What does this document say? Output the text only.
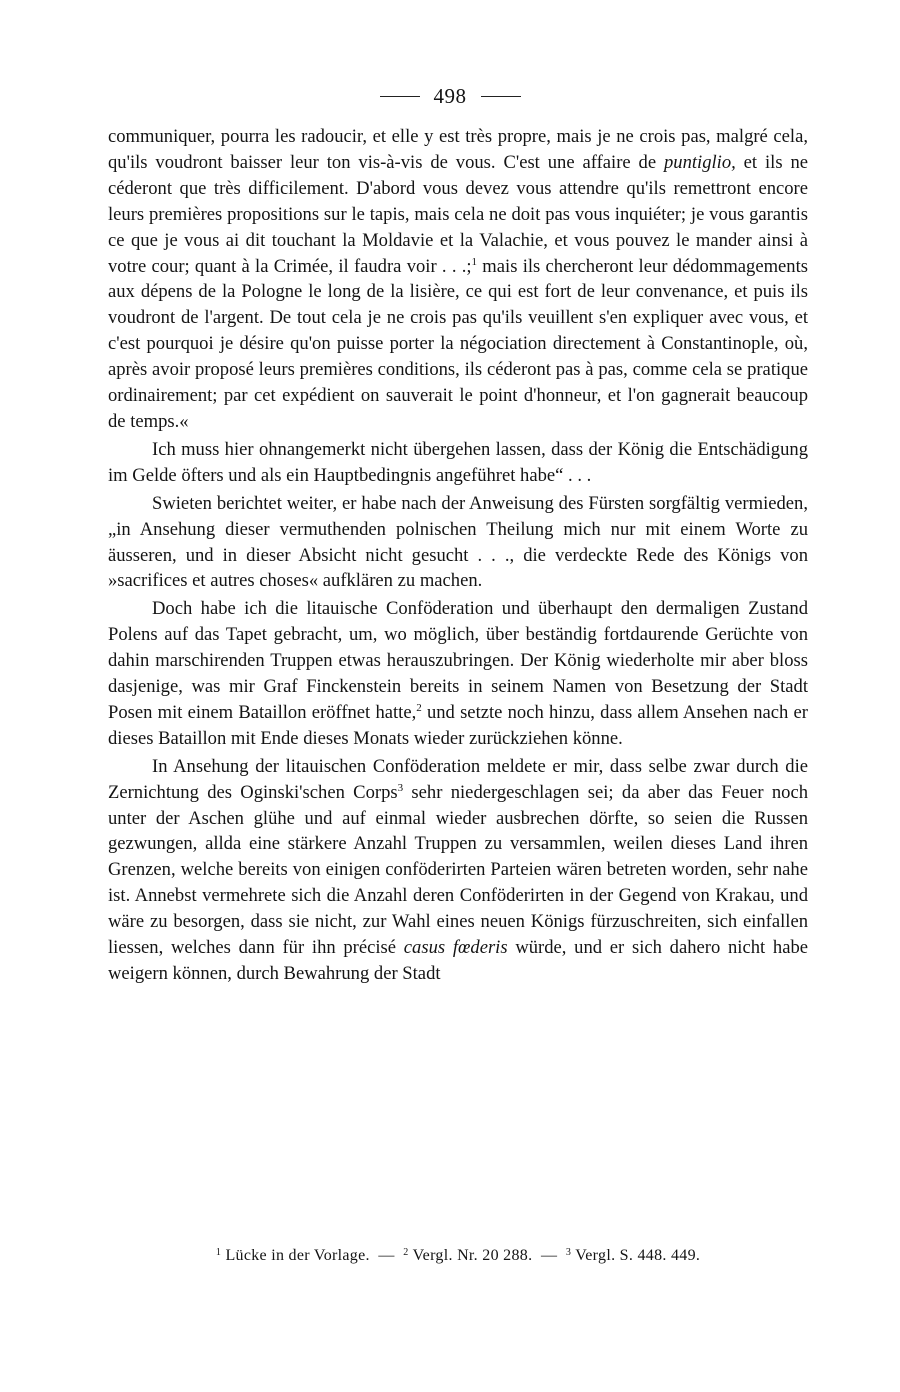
498

communiquer, pourra les radoucir, et elle y est très propre, mais je ne crois pas, malgré cela, qu'ils voudront baisser leur ton vis-à-vis de vous. C'est une affaire de puntiglio, et ils ne céderont que très difficilement. D'abord vous devez vous attendre qu'ils remettront encore leurs premières propositions sur le tapis, mais cela ne doit pas vous inquiéter; je vous garantis ce que je vous ai dit touchant la Moldavie et la Valachie, et vous pouvez le mander ainsi à votre cour; quant à la Crimée, il faudra voir . . .;$^1$ mais ils chercheront leur dédommagements aux dépens de la Pologne le long de la lisière, ce qui est fort de leur convenance, et puis ils voudront de l'argent. De tout cela je ne crois pas qu'ils veuillent s'en expliquer avec vous, et c'est pourquoi je désire qu'on puisse porter la négociation directement à Constantinople, où, après avoir proposé leurs premières conditions, ils céderont pas à pas, comme cela se pratique ordinairement; par cet expédient on sauverait le point d'honneur, et l'on gagnerait beaucoup de temps.«

Ich muss hier ohnangemerkt nicht übergehen lassen, dass der König die Entschädigung im Gelde öfters und als ein Hauptbedingnis angeführet habe“ . . .

Swieten berichtet weiter, er habe nach der Anweisung des Fürsten sorgfältig vermieden, „in Ansehung dieser vermuthenden polnischen Theilung mich nur mit einem Worte zu äusseren, und in dieser Absicht nicht gesucht . . ., die verdeckte Rede des Königs von »sacrifices et autres choses« aufklären zu machen.

Doch habe ich die litauische Conföderation und überhaupt den dermaligen Zustand Polens auf das Tapet gebracht, um, wo möglich, über beständig fortdaurende Gerüchte von dahin marschirenden Truppen etwas herauszubringen. Der König wiederholte mir aber bloss dasjenige, was mir Graf Finckenstein bereits in seinem Namen von Besetzung der Stadt Posen mit einem Bataillon eröffnet hatte,$^2$ und setzte noch hinzu, dass allem Ansehen nach er dieses Bataillon mit Ende dieses Monats wieder zurückziehen könne.

In Ansehung der litauischen Conföderation meldete er mir, dass selbe zwar durch die Zernichtung des Oginski'schen Corps$^3$ sehr niedergeschlagen sei; da aber das Feuer noch unter der Aschen glühe und auf einmal wieder ausbrechen dörfte, so seien die Russen gezwungen, allda eine stärkere Anzahl Truppen zu versammlen, weilen dieses Land ihren Grenzen, welche bereits von einigen conföderirten Parteien wären betreten worden, sehr nahe ist. Annebst vermehrete sich die Anzahl deren Conföderirten in der Gegend von Krakau, und wäre zu besorgen, dass sie nicht, zur Wahl eines neuen Königs fürzuschreiten, sich einfallen liessen, welches dann für ihn précisé casus fœderis würde, und er sich dahero nicht habe weigern können, durch Bewahrung der Stadt

$^1$ Lücke in der Vorlage.  —  $^2$ Vergl. Nr. 20 288.  —  $^3$ Vergl. S. 448. 449.
